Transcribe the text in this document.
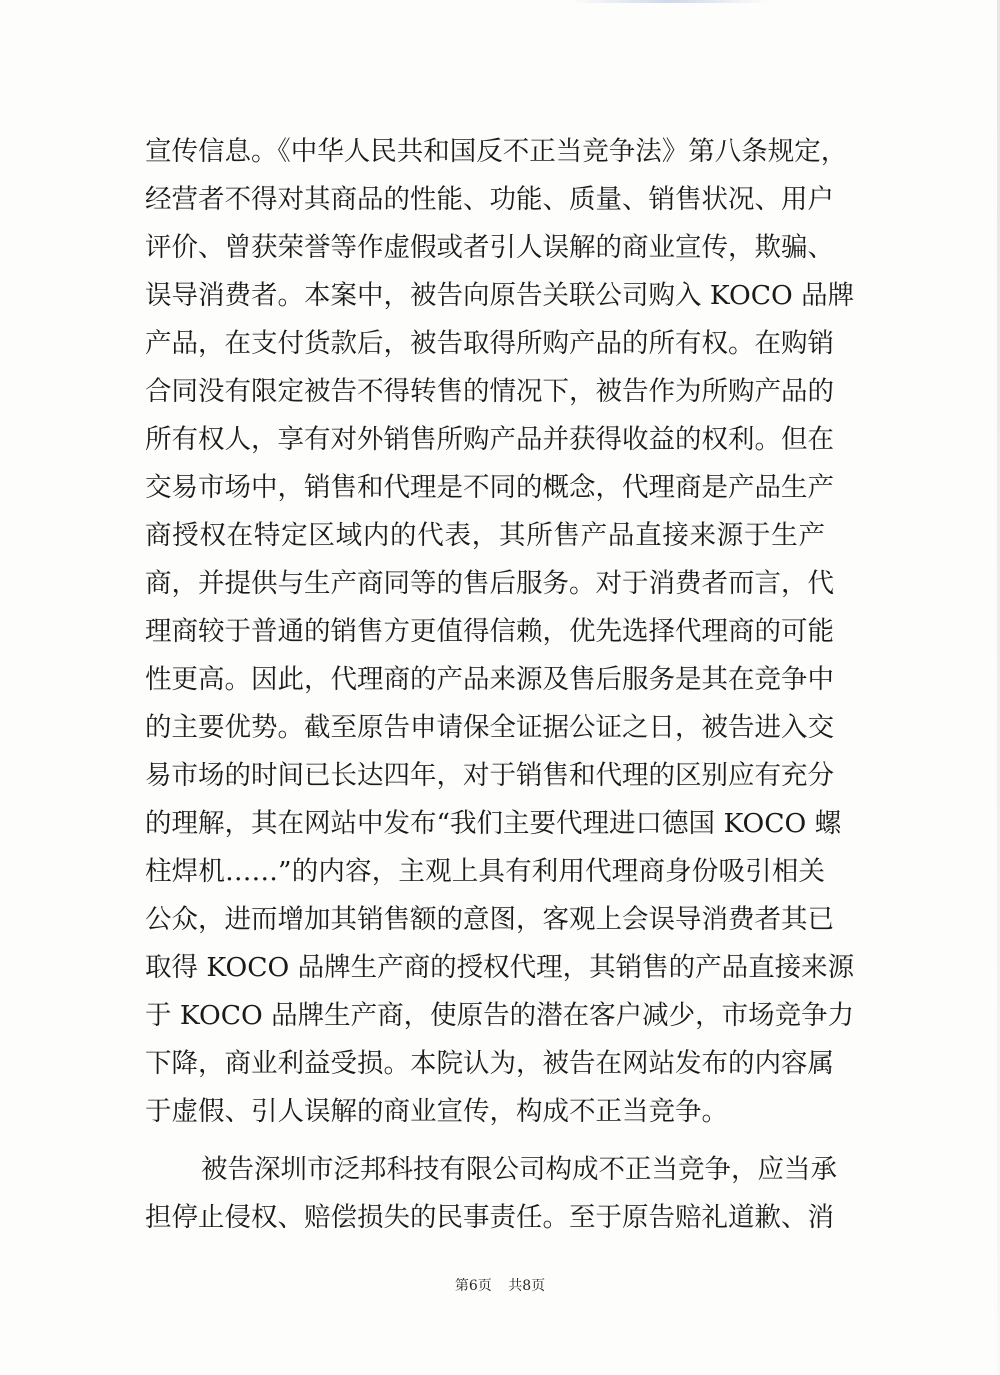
宣传信息。《中华人民共和国反不正当竞争法》第八条规定，
经营者不得对其商品的性能、功能、质量、销售状况、用户
评价、曾获荣誉等作虚假或者引人误解的商业宣传，欺骗、
误导消费者。本案中，被告向原告关联公司购入 KOCO 品牌
产品，在支付货款后，被告取得所购产品的所有权。在购销
合同没有限定被告不得转售的情况下，被告作为所购产品的
所有权人，享有对外销售所购产品并获得收益的权利。但在
交易市场中，销售和代理是不同的概念，代理商是产品生产
商授权在特定区域内的代表，其所售产品直接来源于生产
商，并提供与生产商同等的售后服务。对于消费者而言，代
理商较于普通的销售方更值得信赖，优先选择代理商的可能
性更高。因此，代理商的产品来源及售后服务是其在竞争中
的主要优势。截至原告申请保全证据公证之日，被告进入交
易市场的时间已长达四年，对于销售和代理的区别应有充分
的理解，其在网站中发布“我们主要代理进口德国 KOCO 螺
柱焊机……”的内容，主观上具有利用代理商身份吸引相关
公众，进而增加其销售额的意图，客观上会误导消费者其已
取得 KOCO 品牌生产商的授权代理，其销售的产品直接来源
于 KOCO 品牌生产商，使原告的潜在客户减少，市场竞争力
下降，商业利益受损。本院认为，被告在网站发布的内容属
于虚假、引人误解的商业宣传，构成不正当竞争。
被告深圳市泛邦科技有限公司构成不正当竞争，应当承
担停止侵权、赔偿损失的民事责任。至于原告赔礼道歉、消
第6页 共8页
